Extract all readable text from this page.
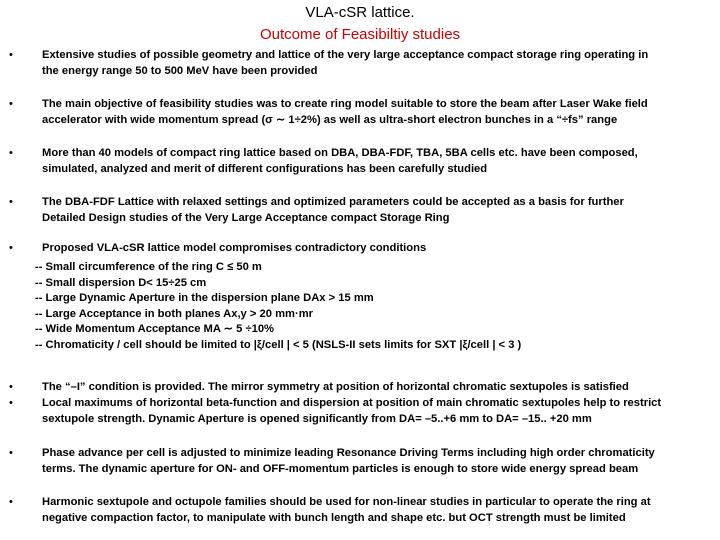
VLA-cSR lattice.
Outcome of Feasibiltiy studies
•	Extensive studies of possible geometry and lattice of the very large acceptance compact storage ring operating in
the energy range 50 to 500 MeV have been provided
•	The main objective of feasibility studies was to create ring model suitable to store the beam after Laser Wake field
accelerator with wide momentum spread (σ ∼ 1÷2%) as well as ultra-short electron bunches in a “÷fs” range
•	More than 40 models of compact ring lattice based on DBA, DBA-FDF, TBA, 5BA cells etc. have been composed,
simulated, analyzed and merit of different configurations has been carefully studied
•	The DBA-FDF Lattice with relaxed settings and optimized parameters could be accepted as a basis for further
Detailed Design studies of the Very Large Acceptance compact Storage Ring
•	Proposed VLA-cSR lattice model compromises contradictory conditions
-- Small circumference of the ring C ≤ 50 m
-- Small dispersion D< 15÷25 cm
-- Large Dynamic Aperture in the dispersion plane DAx > 15 mm
-- Large Acceptance in both planes Ax,y > 20 mm·mr
-- Wide Momentum Acceptance MA ∼ 5 ÷10%
-- Chromaticity / cell should be limited to |ξ/cell | < 5 (NSLS-II sets limits for SXT |ξ/cell | < 3 )
•	The “–I” condition is provided. The mirror symmetry at position of horizontal chromatic sextupoles is satisfied
•	Local maximums of horizontal beta-function and dispersion at position of main chromatic sextupoles help to restrict
sextupole strength. Dynamic Aperture is opened significantly from DA= –5..+6 mm to DA= –15.. +20 mm
•	Phase advance per cell is adjusted to minimize leading Resonance Driving Terms including high order chromaticity
terms. The dynamic aperture for ON- and OFF-momentum particles is enough to store wide energy spread beam
•	Harmonic sextupole and octupole families should be used for non-linear studies in particular to operate the ring at
negative compaction factor, to manipulate with bunch length and shape etc. but OCT strength must be limited
